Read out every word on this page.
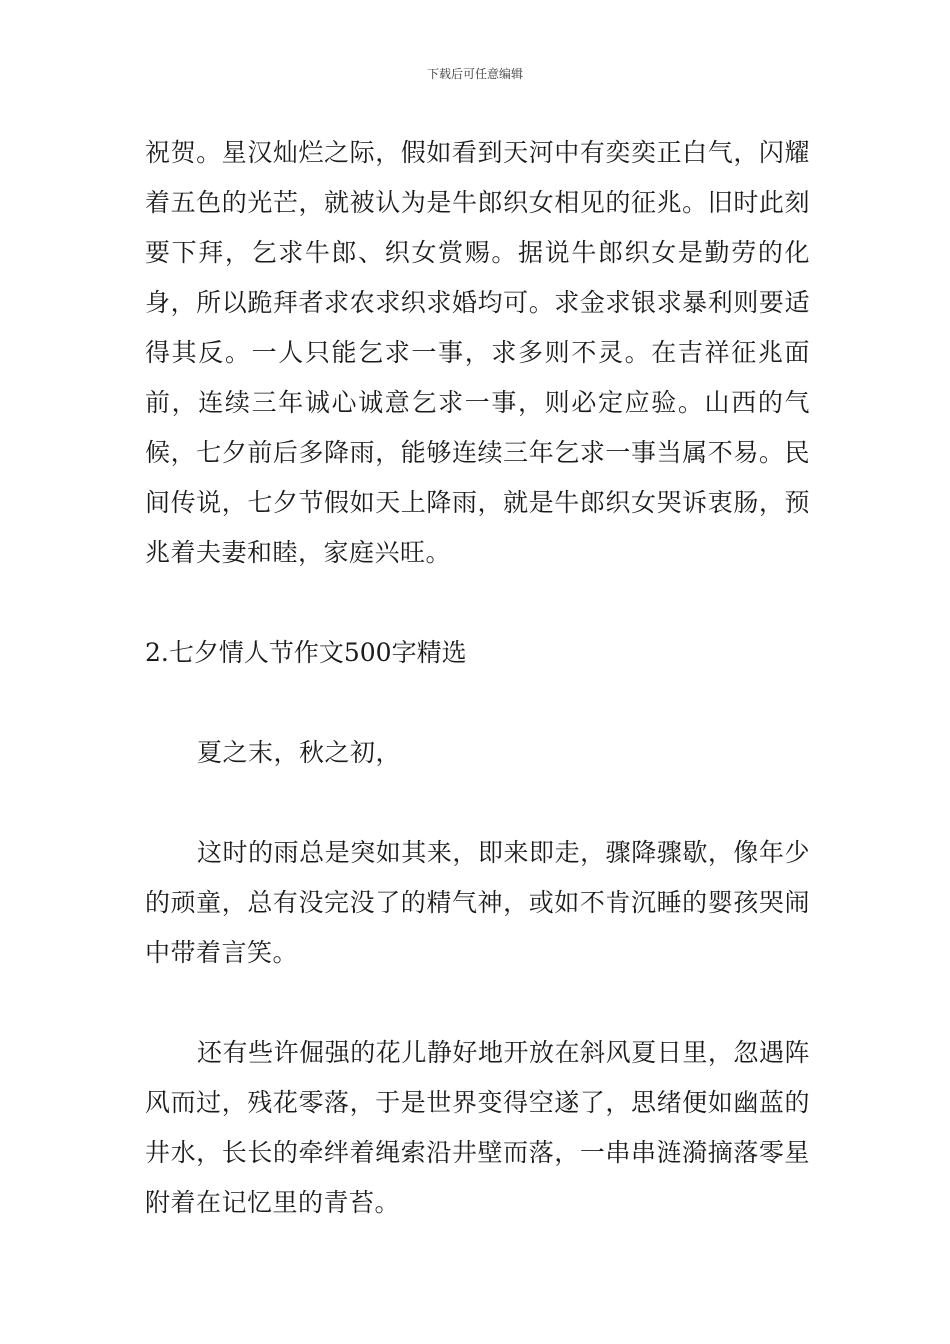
下载后可任意编辑

祝贺。星汉灿烂之际，假如看到天河中有奕奕正白气，闪耀着五色的光芒，就被认为是牛郎织女相见的征兆。旧时此刻要下拜，乞求牛郎、织女赏赐。据说牛郎织女是勤劳的化身，所以跪拜者求农求织求婚均可。求金求银求暴利则要适得其反。一人只能乞求一事，求多则不灵。在吉祥征兆面前，连续三年诚心诚意乞求一事，则必定应验。山西的气候，七夕前后多降雨，能够连续三年乞求一事当属不易。民间传说，七夕节假如天上降雨，就是牛郎织女哭诉衷肠，预兆着夫妻和睦，家庭兴旺。

2.七夕情人节作文500字精选

夏之末，秋之初，

这时的雨总是突如其来，即来即走，骤降骤歇，像年少的顽童，总有没完没了的精气神，或如不肯沉睡的婴孩哭闹中带着言笑。

还有些许倔强的花儿静好地开放在斜风夏日里，忽遇阵风而过，残花零落，于是世界变得空遂了，思绪便如幽蓝的井水，长长的牵绊着绳索沿井壁而落，一串串涟漪摘落零星附着在记忆里的青苔。
